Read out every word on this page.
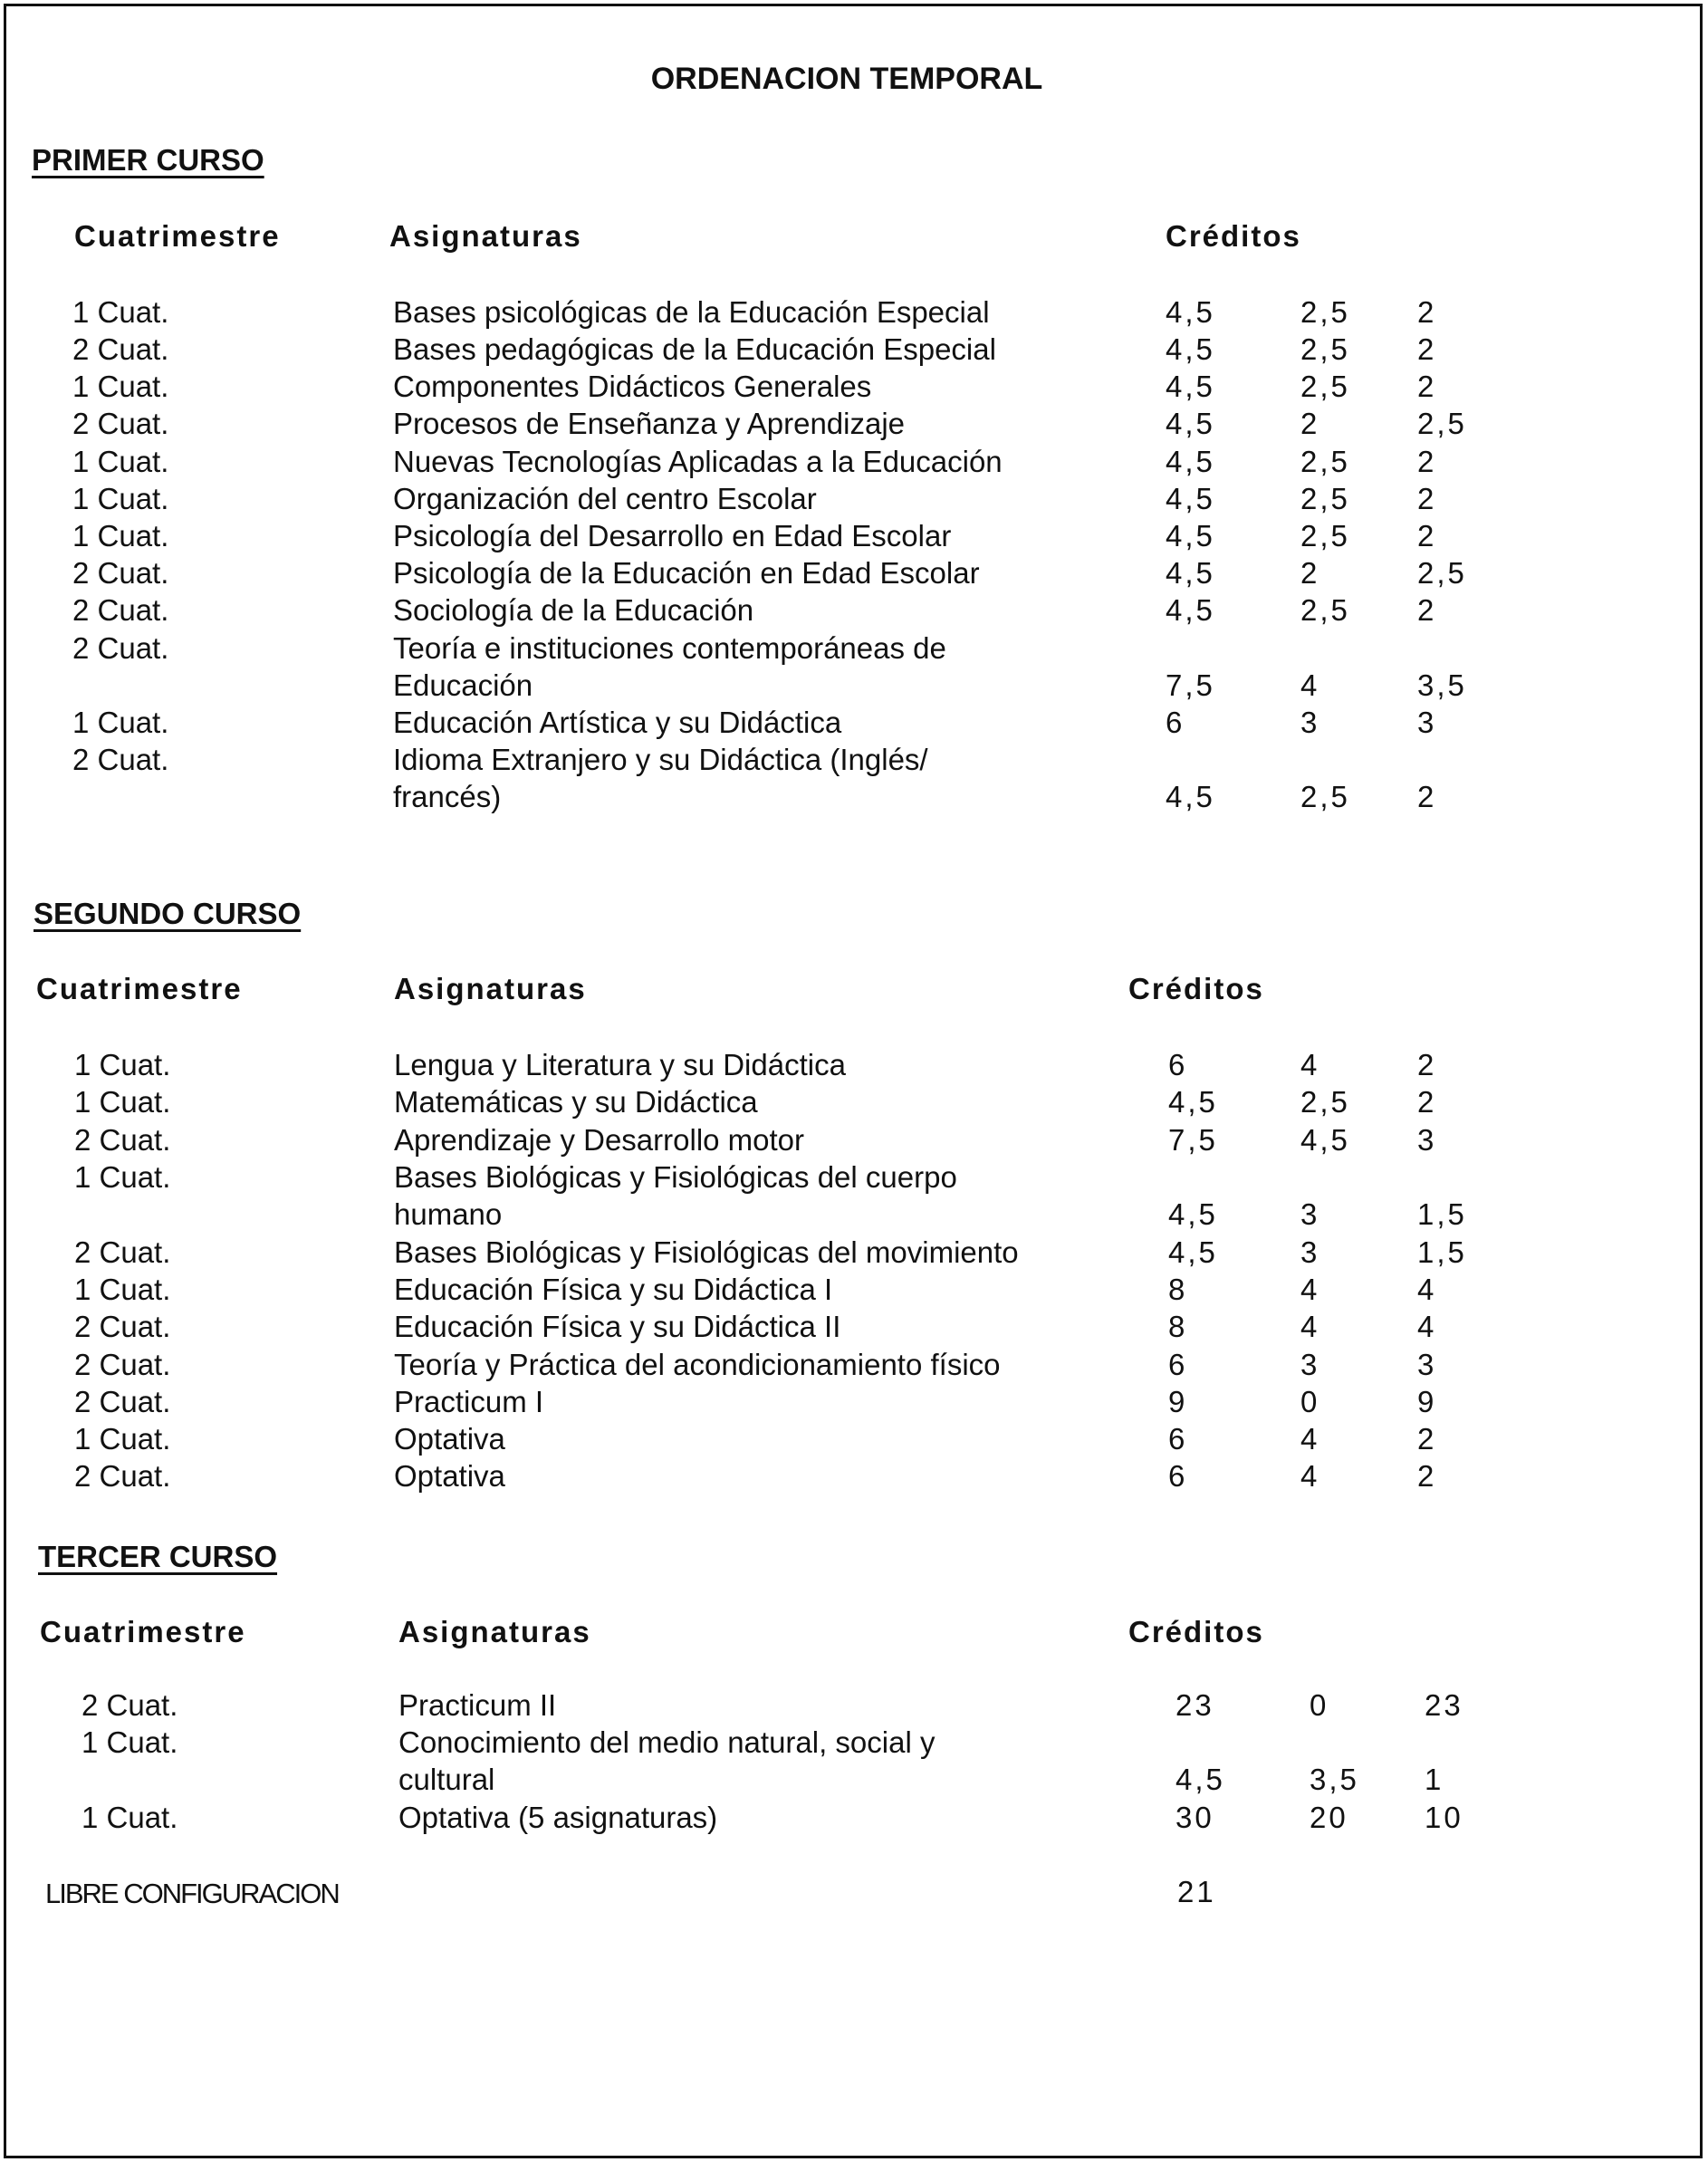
ORDENACION TEMPORAL
PRIMER CURSO
Cuatrimestre	Asignaturas	Créditos
1 Cuat.	Bases psicológicas de la Educación Especial	4,5	2,5 2
2 Cuat.	Bases pedagógicas de la Educación Especial	4,5	2,5 2
1 Cuat.	Componentes Didácticos Generales	4,5	2,5 2
2 Cuat.	Procesos de Enseñanza y Aprendizaje	4,5	2	2,5
1 Cuat.	Nuevas Tecnologías Aplicadas a la Educación	4,5	2,5 2
1 Cuat.	Organización del centro Escolar	4,5	2,5 2
1 Cuat.	Psicología del Desarrollo en Edad Escolar	4,5	2,5 2
2 Cuat.	Psicología de la Educación en Edad Escolar	4,5	2	2,5
2 Cuat.	Sociología de la Educación	4,5	2,5 2
2 Cuat.	Teoría e instituciones contemporáneas de
Educación	7,5	4	3,5
1 Cuat.	Educación Artística y su Didáctica	6	3	3
2 Cuat.	Idioma Extranjero y su Didáctica (Inglés/
francés)	4,5	2,5 2
SEGUNDO CURSO
Cuatrimestre	Asignaturas	Créditos
1 Cuat.	Lengua y Literatura y su Didáctica	6	4	2
1 Cuat.	Matemáticas y su Didáctica	4,5	2,5 2
2 Cuat.	Aprendizaje y Desarrollo motor	7,5	4,5 3
1 Cuat.	Bases Biológicas y Fisiológicas del cuerpo
humano	4,5	3	1,5
2 Cuat.	Bases Biológicas y Fisiológicas del movimiento	4,5	3	1,5
1 Cuat.	Educación Física y su Didáctica I	8	4	4
2 Cuat.	Educación Física y su Didáctica II	8	4	4
2 Cuat.	Teoría y Práctica del acondicionamiento físico	6	3	3
2 Cuat.	Practicum I	9	0	9
1 Cuat.	Optativa	6	4	2
2 Cuat.	Optativa	6	4	2
TERCER CURSO
Cuatrimestre	Asignaturas	Créditos
2 Cuat.	Practicum II	23	0	23
1 Cuat.	Conocimiento del medio natural, social y
cultural	4,5	3,5 1
1 Cuat.	Optativa (5 asignaturas)	30	20	10
LIBRE CONFIGURACION	21
